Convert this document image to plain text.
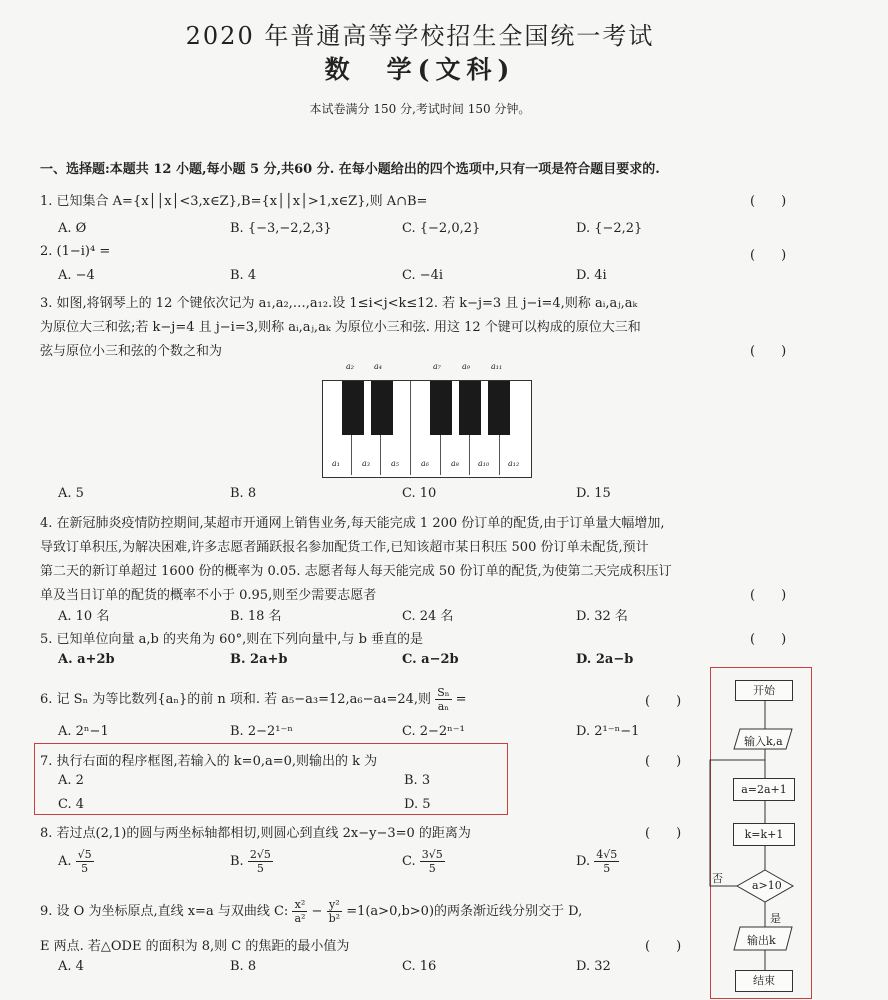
2020 年普通高等学校招生全国统一考试
数　学(文科)
本试卷满分 150 分,考试时间 150 分钟。
一、选择题:本题共 12 小题,每小题 5 分,共60 分. 在每小题给出的四个选项中,只有一项是符合题目要求的.
1. 已知集合 A={x││x│<3,x∈Z},B={x││x│>1,x∈Z},则 A∩B=	(　　)
A. Ø	B. {−3,−2,2,3}	C. {−2,0,2}	D. {−2,2}
2. (1−i)⁴ =	(　　)
A. −4	B. 4	C. −4i	D. 4i
3. 如图,将钢琴上的 12 个键依次记为 a₁,a₂,…,a₁₂.设 1≤i<j<k≤12. 若 k−j=3 且 j−i=4,则称 aᵢ,aⱼ,aₖ
为原位大三和弦;若 k−j=4 且 j−i=3,则称 aᵢ,aⱼ,aₖ 为原位小三和弦. 用这 12 个键可以构成的原位大三和
弦与原位小三和弦的个数之和为	(　　)
a₂	a₄	a₇	a₉	a₁₁
a₁	a₃	a₅	a₆	a₈ a₁₀ a₁₂
A. 5	B. 8	C. 10	D. 15
4. 在新冠肺炎疫情防控期间,某超市开通网上销售业务,每天能完成 1 200 份订单的配货,由于订单量大幅增加,
导致订单积压,为解决困难,许多志愿者踊跃报名参加配货工作,已知该超市某日积压 500 份订单未配货,预计
第二天的新订单超过 1600 份的概率为 0.05. 志愿者每人每天能完成 50 份订单的配货,为使第二天完成积压订
单及当日订单的配货的概率不小于 0.95,则至少需要志愿者	(　　)
A. 10 名	B. 18 名	C. 24 名	D. 32 名
5. 已知单位向量 a,b 的夹角为 60°,则在下列向量中,与 b 垂直的是	(　　)
A. a+2b	B. 2a+b	C. a−2b	D. 2a−b
6. 记 Sₙ 为等比数列{aₙ}的前 n 项和. 若 a₅−a₃=12,a₆−a₄=24,则 $\frac{\text{Sₙ}}{\text{aₙ}}$ =	(　　)
A. 2ⁿ−1	B. 2−2¹⁻ⁿ	C. 2−2ⁿ⁻¹	D. 2¹⁻ⁿ−1
7. 执行右面的程序框图,若输入的 k=0,a=0,则输出的 k 为	(　　)
A. 2	B. 3
C. 4	D. 5
8. 若过点(2,1)的圆与两坐标轴都相切,则圆心到直线 2x−y−3=0 的距离为	(　　)
A. $\frac{√5}{5}$	B. $\frac{2√5}{5}$	C. $\frac{3√5}{5}$	D. $\frac{4√5}{5}$
9. 设 O 为坐标原点,直线 x=a 与双曲线 C: $\frac{\text{x²}}{\text{a²}} - \frac{\text{y²}}{\text{b²}} =1(a>0,b>0)$的两条渐近线分别交于 D,
E 两点. 若△ODE 的面积为 8,则 C 的焦距的最小值为	(　　)
A. 4	B. 8	C. 16	D. 32
开始
输入k,a
a=2a+1
k=k+1
a>10
否
是
输出k
结束
